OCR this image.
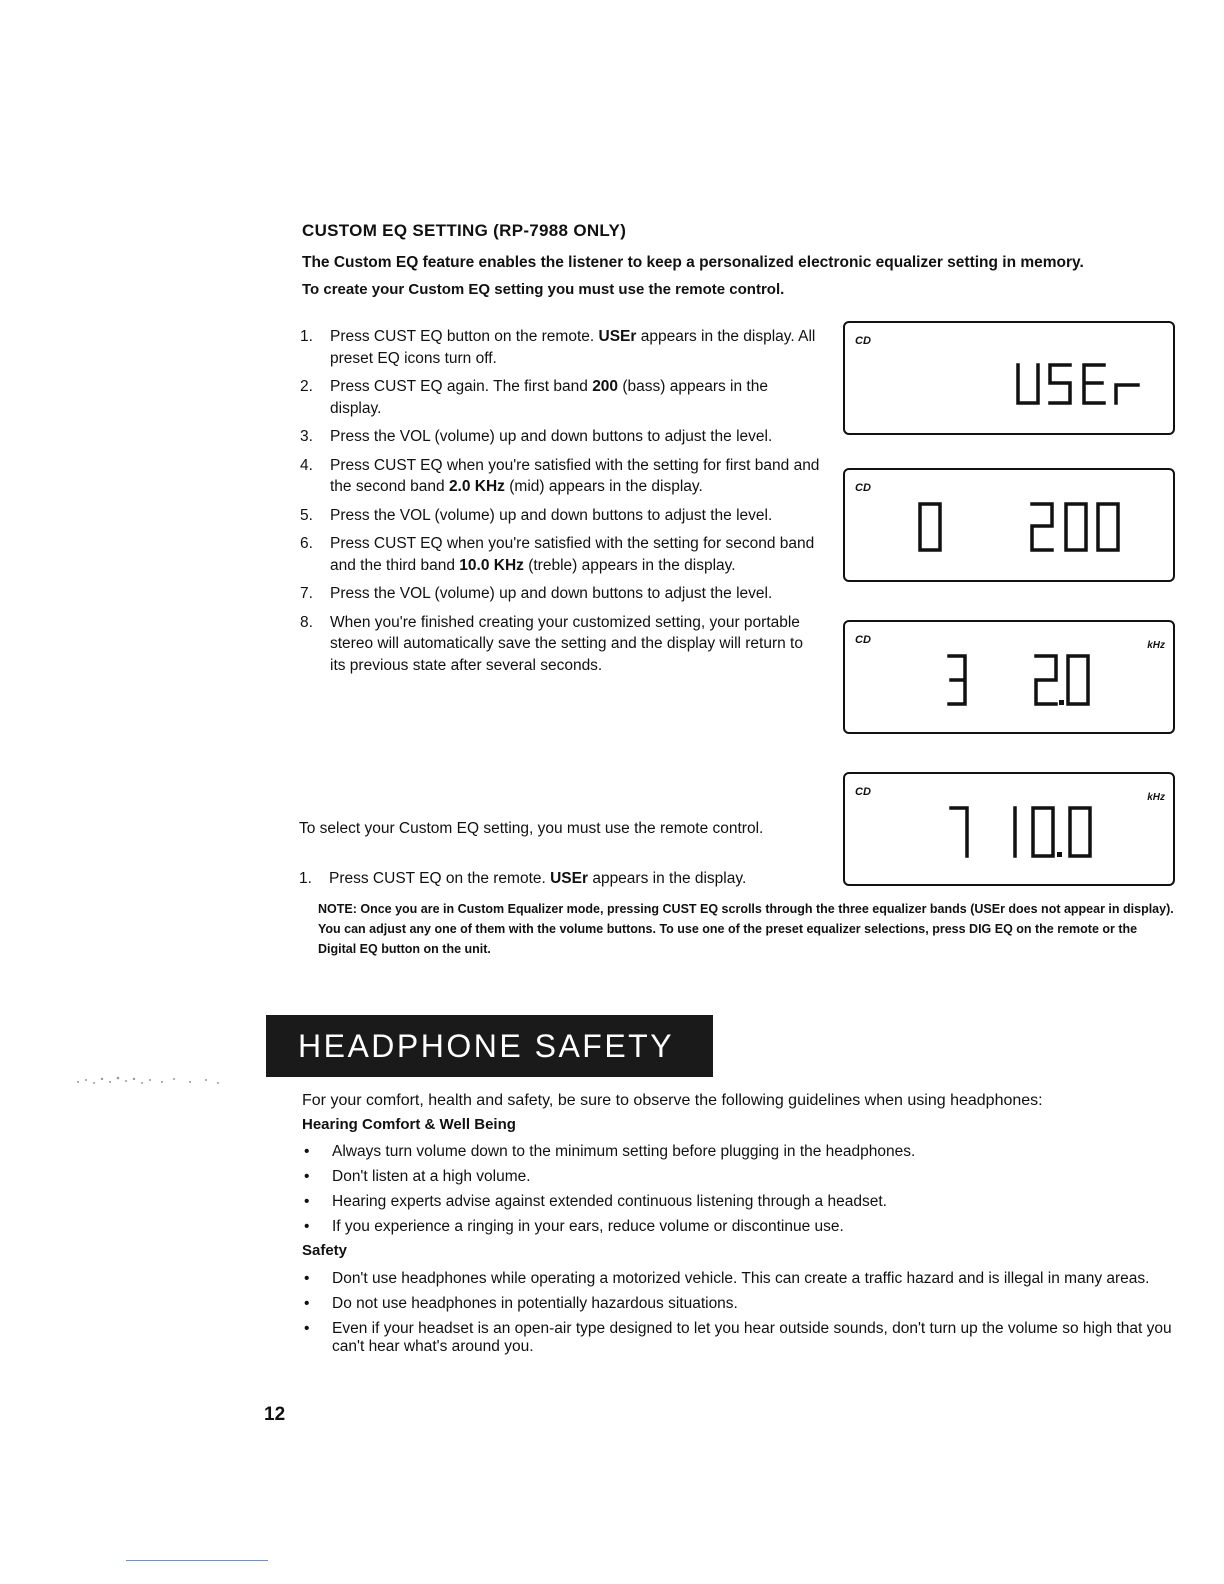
CUSTOM EQ SETTING (RP-7988 ONLY)
The Custom EQ feature enables the listener to keep a personalized electronic equalizer setting in memory.
To create your Custom EQ setting you must use the remote control.
1. Press CUST EQ button on the remote. USEr appears in the display. All preset EQ icons turn off.
2. Press CUST EQ again. The first band 200 (bass) appears in the display.
3. Press the VOL (volume) up and down buttons to adjust the level.
4. Press CUST EQ when you're satisfied with the setting for first band and the second band 2.0 KHz (mid) appears in the display.
5. Press the VOL (volume) up and down buttons to adjust the level.
6. Press CUST EQ when you're satisfied with the setting for second band and the third band 10.0 KHz (treble) appears in the display.
7. Press the VOL (volume) up and down buttons to adjust the level.
8. When you're finished creating your customized setting, your portable stereo will automatically save the setting and the display will return to its previous state after several seconds.
To select your Custom EQ setting, you must use the remote control.
1. Press CUST EQ on the remote. USEr appears in the display.
NOTE: Once you are in Custom Equalizer mode, pressing CUST EQ scrolls through the three equalizer bands (USEr does not appear in display). You can adjust any one of them with the volume buttons. To use one of the preset equalizer selections, press DIG EQ on the remote or the Digital EQ button on the unit.
CD
CD
CD	kHz
CD	kHz
HEADPHONE SAFETY
For your comfort, health and safety, be sure to observe the following guidelines when using headphones:
Hearing Comfort & Well Being
• Always turn volume down to the minimum setting before plugging in the headphones.
• Don't listen at a high volume.
• Hearing experts advise against extended continuous listening through a headset.
• If you experience a ringing in your ears, reduce volume or discontinue use.
Safety
• Don't use headphones while operating a motorized vehicle. This can create a traffic hazard and is illegal in many areas.
• Do not use headphones in potentially hazardous situations.
• Even if your headset is an open-air type designed to let you hear outside sounds, don't turn up the volume so high that you can't hear what's around you.
12
